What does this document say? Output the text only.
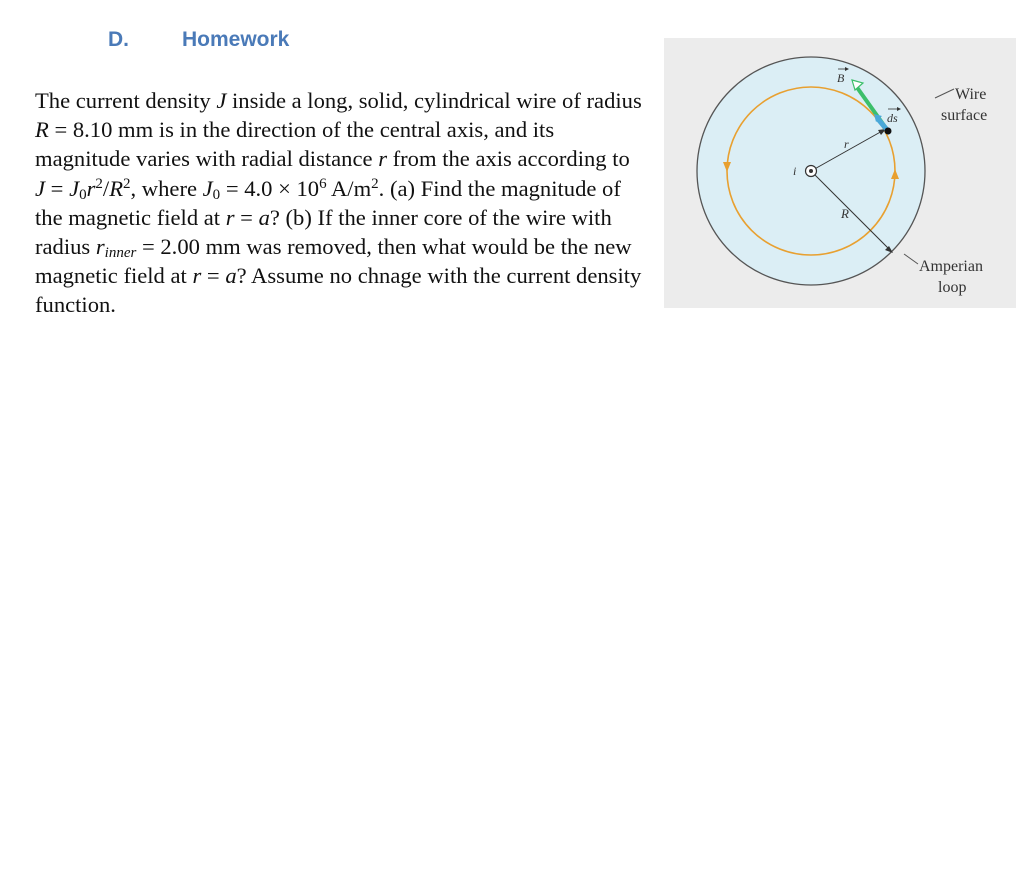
D.	Homework
The current density J inside a long, solid, cylindrical wire of radius R = 8.10 mm is in the direction of the central axis, and its magnitude varies with radial distance r from the axis according to $J = J_0r^2/R^2$, where $J_0 = 4.0 \times 10^6$ $A/m^2$. (a) Find the magnitude of the magnetic field at r = a? (b) If the inner core of the wire with radius $r_{inner} = 2.00$ mm was removed, then what would be the new magnetic field at r = a? Assume no chnage with the current density function.
B
ds
r
i
R
Wire
surface
Amperian
loop
